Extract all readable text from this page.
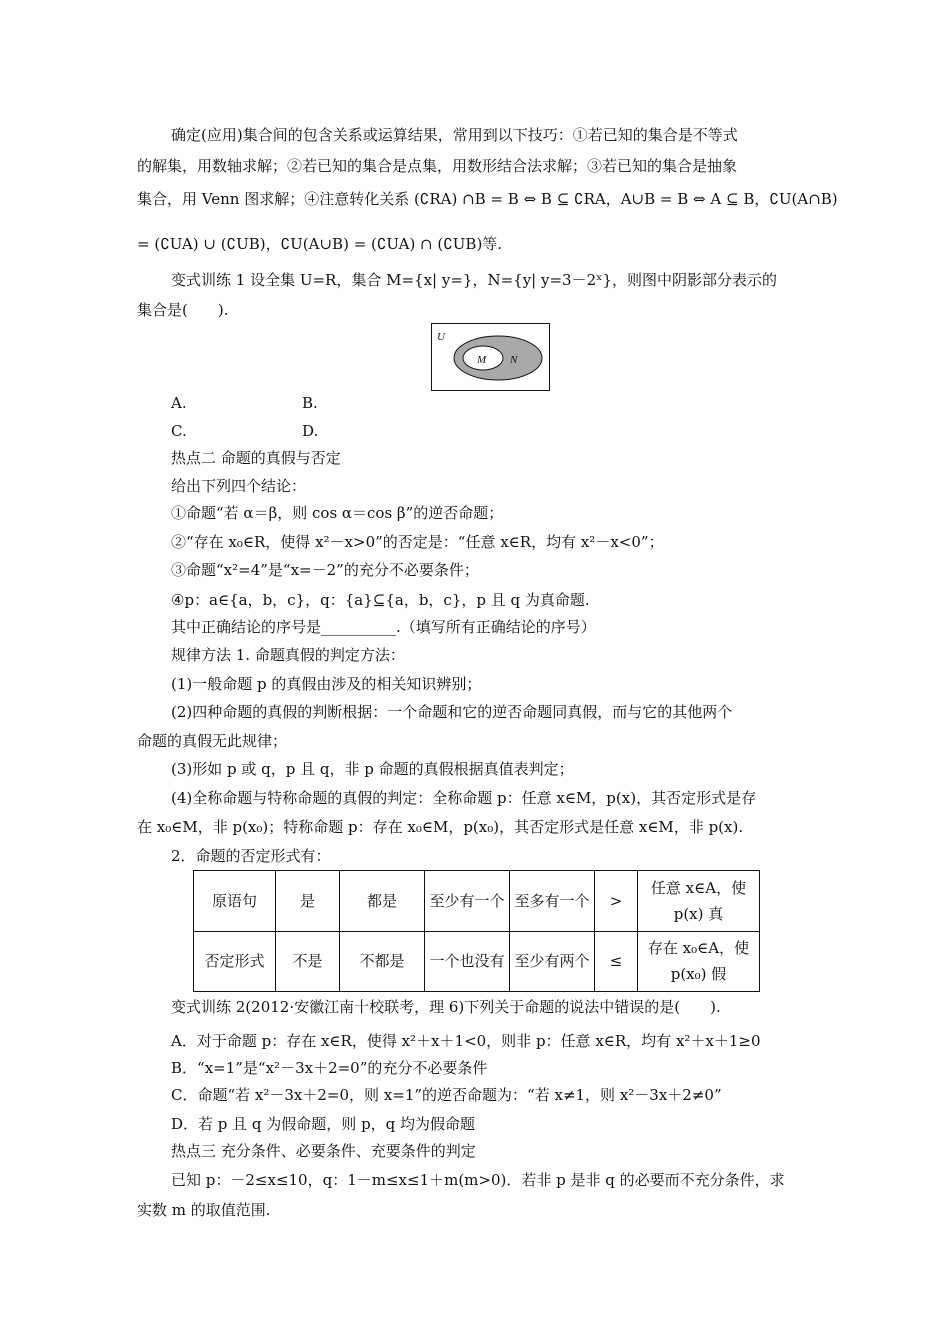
确定(应用)集合间的包含关系或运算结果，常用到以下技巧：①若已知的集合是不等式
的解集，用数轴求解；②若已知的集合是点集，用数形结合法求解；③若已知的集合是抽象
集合，用 Venn 图求解；④注意转化关系 (∁RA) ∩B = B ⇔ B ⊆ ∁RA，A∪B = B ⇔ A ⊆ B，∁U(A∩B)
= (∁UA) ∪ (∁UB)，∁U(A∪B) = (∁UA) ∩ (∁UB)等.
变式训练 1 设全集 U=R，集合 M={x| y=}，N={y| y=3－2ˣ}，则图中阴影部分表示的
集合是(　　).
U
M N
A.	B.
C.	D.
热点二 命题的真假与否定
给出下列四个结论：
①命题“若 α＝β，则 cos α＝cos β”的逆否命题；
②“存在 x₀∈R，使得 x²－x>0”的否定是：“任意 x∈R，均有 x²－x<0”；
③命题“x²=4”是“x=－2”的充分不必要条件；
④p：a∈{a，b，c}，q：{a}⊆{a，b，c}，p 且 q 为真命题.
其中正确结论的序号是__________.（填写所有正确结论的序号）
规律方法 1. 命题真假的判定方法：
(1)一般命题 p 的真假由涉及的相关知识辨别；
(2)四种命题的真假的判断根据：一个命题和它的逆否命题同真假，而与它的其他两个
命题的真假无此规律；
(3)形如 p 或 q，p 且 q，非 p 命题的真假根据真值表判定；
(4)全称命题与特称命题的真假的判定：全称命题 p：任意 x∈M，p(x)，其否定形式是存
在 x₀∈M，非 p(x₀)；特称命题 p：存在 x₀∈M，p(x₀)，其否定形式是任意 x∈M，非 p(x).
2．命题的否定形式有：
原语句	是	都是	至少有一个	至多有一个	>	任意 x∈A，使 p(x) 真
否定形式	不是	不都是	一个也没有	至少有两个	≤	存在 x₀∈A，使 p(x₀) 假
变式训练 2(2012·安徽江南十校联考，理 6)下列关于命题的说法中错误的是(　　).
A．对于命题 p：存在 x∈R，使得 x²＋x＋1<0，则非 p：任意 x∈R，均有 x²＋x＋1≥0
B．“x=1”是“x²－3x＋2=0”的充分不必要条件
C．命题“若 x²－3x＋2=0，则 x=1”的逆否命题为：“若 x≠1，则 x²－3x＋2≠0”
D．若 p 且 q 为假命题，则 p，q 均为假命题
热点三 充分条件、必要条件、充要条件的判定
已知 p：－2≤x≤10，q：1－m≤x≤1＋m(m>0)．若非 p 是非 q 的必要而不充分条件，求
实数 m 的取值范围.
